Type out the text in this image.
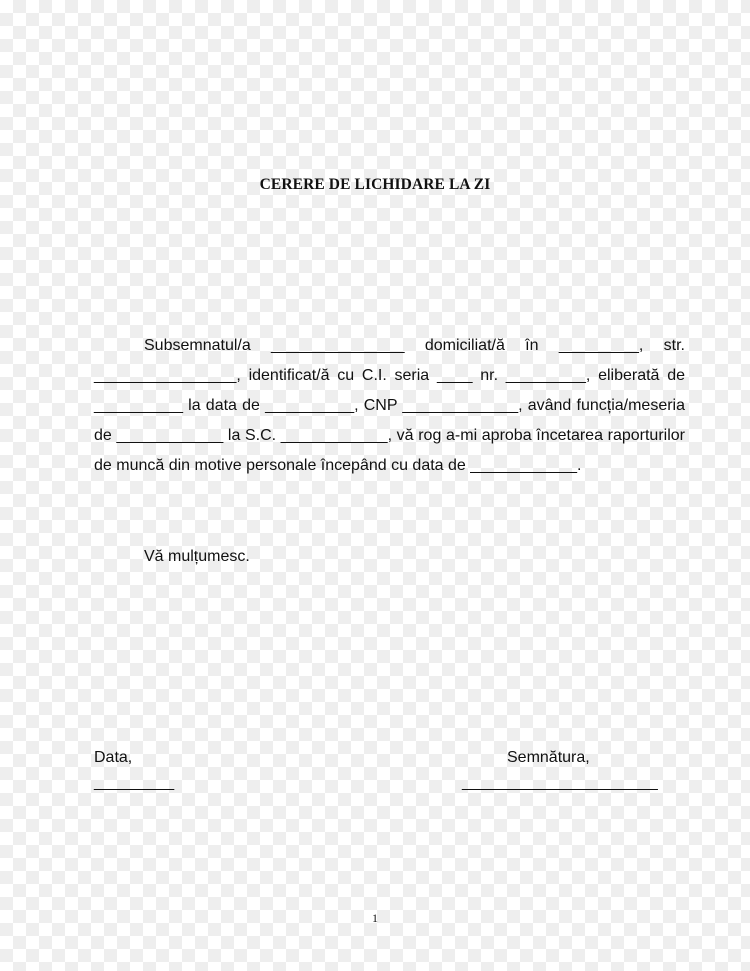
CERERE DE LICHIDARE LA ZI
Subsemnatul/a _______________ domiciliat/ă în _________, str. ________________, identificat/ă cu C.I. seria ____ nr. _________, eliberată de __________ la data de __________, CNP _____________, având funcția/meseria de ____________ la S.C. ____________, vă rog a-mi aproba încetarea raporturilor de muncă din motive personale începând cu data de ____________.
Vă mulțumesc.
Data,
_________
Semnătura,
______________________
1
